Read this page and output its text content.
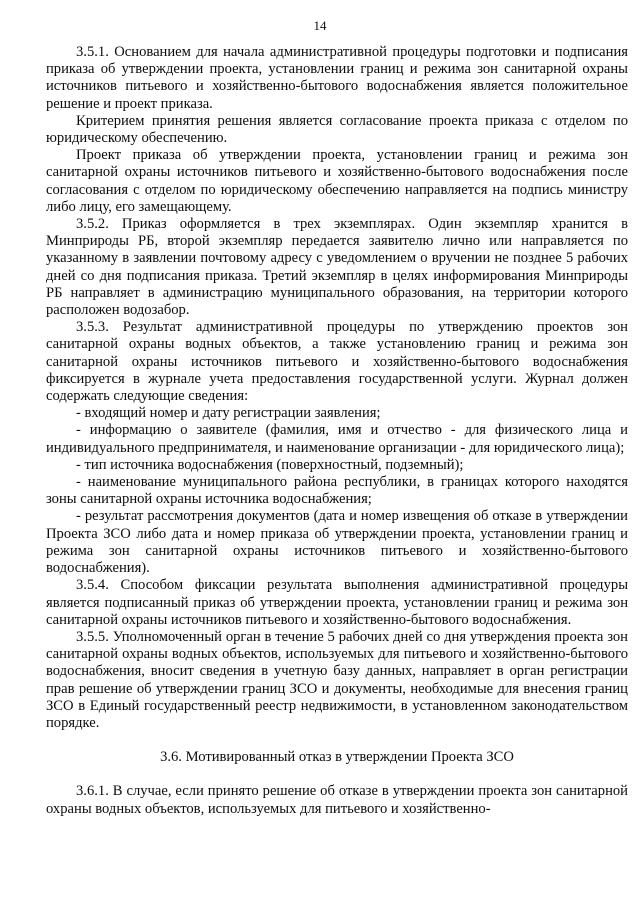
14

3.5.1. Основанием для начала административной процедуры подготовки и подписания приказа об утверждении проекта, установлении границ и режима зон санитарной охраны источников питьевого и хозяйственно-бытового водоснабжения является положительное решение и проект приказа.

Критерием принятия решения является согласование проекта приказа с отделом по юридическому обеспечению.

Проект приказа об утверждении проекта, установлении границ и режима зон санитарной охраны источников питьевого и хозяйственно-бытового водоснабжения после согласования с отделом по юридическому обеспечению направляется на подпись министру либо лицу, его замещающему.

3.5.2. Приказ оформляется в трех экземплярах. Один экземпляр хранится в Минприроды РБ, второй экземпляр передается заявителю лично или направляется по указанному в заявлении почтовому адресу с уведомлением о вручении не позднее 5 рабочих дней со дня подписания приказа. Третий экземпляр в целях информирования Минприроды РБ направляет в администрацию муниципального образования, на территории которого расположен водозабор.

3.5.3. Результат административной процедуры по утверждению проектов зон санитарной охраны водных объектов, а также установлению границ и режима зон санитарной охраны источников питьевого и хозяйственно-бытового водоснабжения фиксируется в журнале учета предоставления государственной услуги. Журнал должен содержать следующие сведения:

- входящий номер и дату регистрации заявления;

- информацию о заявителе (фамилия, имя и отчество - для физического лица и индивидуального предпринимателя, и наименование организации - для юридического лица);

- тип источника водоснабжения (поверхностный, подземный);

- наименование муниципального района республики, в границах которого находятся зоны санитарной охраны источника водоснабжения;

- результат рассмотрения документов (дата и номер извещения об отказе в утверждении Проекта ЗСО либо дата и номер приказа об утверждении проекта, установлении границ и режима зон санитарной охраны источников питьевого и хозяйственно-бытового водоснабжения).

3.5.4. Способом фиксации результата выполнения административной процедуры является подписанный приказ об утверждении проекта, установлении границ и режима зон санитарной охраны источников питьевого и хозяйственно-бытового водоснабжения.

3.5.5. Уполномоченный орган в течение 5 рабочих дней со дня утверждения проекта зон санитарной охраны водных объектов, используемых для питьевого и хозяйственно-бытового водоснабжения, вносит сведения в учетную базу данных, направляет в орган регистрации прав решение об утверждении границ ЗСО и документы, необходимые для внесения границ ЗСО в Единый государственный реестр недвижимости, в установленном законодательством порядке.

3.6. Мотивированный отказ в утверждении Проекта ЗСО

3.6.1. В случае, если принято решение об отказе в утверждении проекта зон санитарной охраны водных объектов, используемых для питьевого и хозяйственно-
